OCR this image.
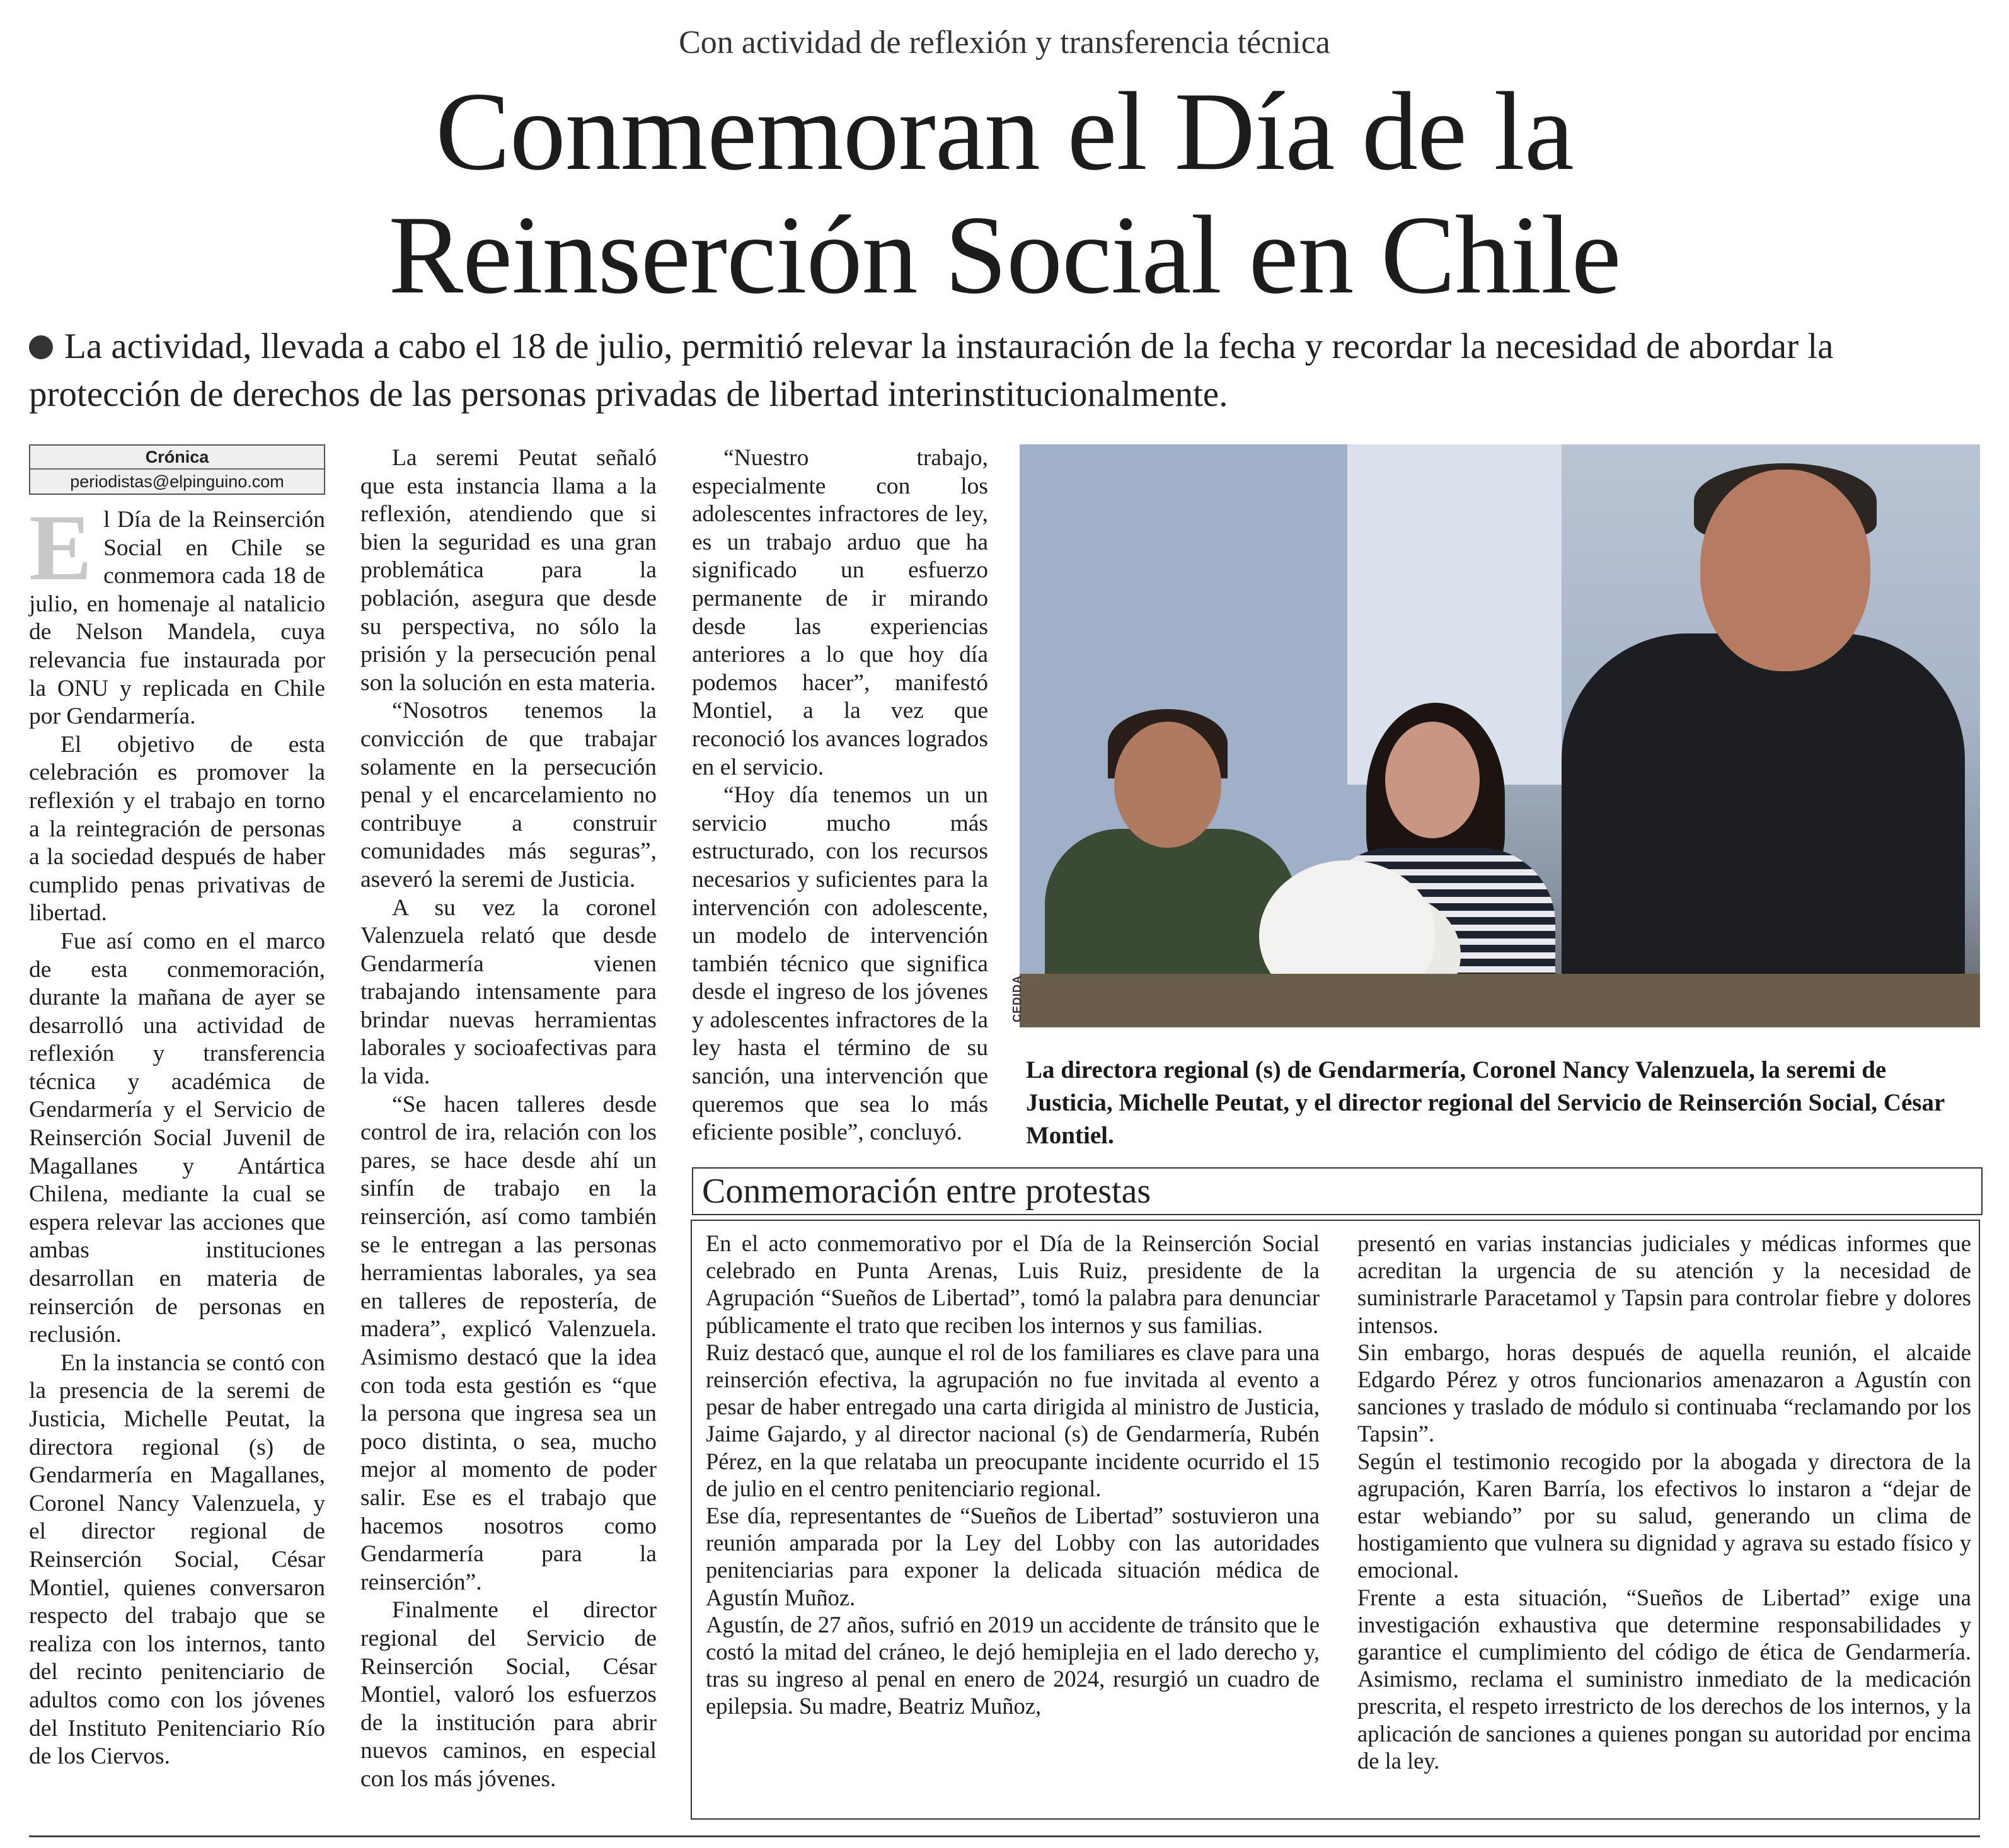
Con actividad de reflexión y transferencia técnica
Conmemoran el Día de la
Reinserción Social en Chile
La actividad, llevada a cabo el 18 de julio, permitió relevar la instauración de la fecha y recordar la necesidad de abordar la protección de derechos de las personas privadas de libertad interinstitucionalmente.
Crónica
periodistas@elpinguino.com
E l Día de la Reinserción Social en Chile se conmemora cada 18 de julio, en homenaje al natalicio de Nelson Mandela, cuya relevancia fue instaurada por la ONU y replicada en Chile por Gendarmería.

El objetivo de esta celebración es promover la reflexión y el trabajo en torno a la reintegración de personas a la sociedad después de haber cumplido penas privativas de libertad.

Fue así como en el marco de esta conmemoración, durante la mañana de ayer se desarrolló una actividad de reflexión y transferencia técnica y académica de Gendarmería y el Servicio de Reinserción Social Juvenil de Magallanes y Antártica Chilena, mediante la cual se espera relevar las acciones que ambas instituciones desarrollan en materia de reinserción de personas en reclusión.

En la instancia se contó con la presencia de la seremi de Justicia, Michelle Peutat, la directora regional (s) de Gendarmería en Magallanes, Coronel Nancy Valenzuela, y el director regional de Reinserción Social, César Montiel, quienes conversaron respecto del trabajo que se realiza con los internos, tanto del recinto penitenciario de adultos como con los jóvenes del Instituto Penitenciario Río de los Ciervos.

La seremi Peutat señaló que esta instancia llama a la reflexión, atendiendo que si bien la seguridad es una gran problemática para la población, asegura que desde su perspectiva, no sólo la prisión y la persecución penal son la solución en esta materia.

“Nosotros tenemos la convicción de que trabajar solamente en la persecución penal y el encarcelamiento no contribuye a construir comunidades más seguras”, aseveró la seremi de Justicia.

A su vez la coronel Valenzuela relató que desde Gendarmería vienen trabajando intensamente para brindar nuevas herramientas laborales y socioafectivas para la vida.

“Se hacen talleres desde control de ira, relación con los pares, se hace desde ahí un sinfín de trabajo en la reinserción, así como también se le entregan a las personas herramientas laborales, ya sea en talleres de repostería, de madera”, explicó Valenzuela. Asimismo destacó que la idea con toda esta gestión es “que la persona que ingresa sea un poco distinta, o sea, mucho mejor al momento de poder salir. Ese es el trabajo que hacemos nosotros como Gendarmería para la reinserción”.

Finalmente el director regional del Servicio de Reinserción Social, César Montiel, valoró los esfuerzos de la institución para abrir nuevos caminos, en especial con los más jóvenes.

“Nuestro trabajo, especialmente con los adolescentes infractores de ley, es un trabajo arduo que ha significado un esfuerzo permanente de ir mirando desde las experiencias anteriores a lo que hoy día podemos hacer”, manifestó Montiel, a la vez que reconoció los avances logrados en el servicio.

“Hoy día tenemos un un servicio mucho más estructurado, con los recursos necesarios y suficientes para la intervención con adolescente, un modelo de intervención también técnico que significa desde el ingreso de los jóvenes y adolescentes infractores de la ley hasta el término de su sanción, una intervención que queremos que sea lo más eficiente posible”, concluyó.

CEDIDA
La directora regional (s) de Gendarmería, Coronel Nancy Valenzuela, la seremi de Justicia, Michelle Peutat, y el director regional del Servicio de Reinserción Social, César Montiel.
Conmemoración entre protestas

En el acto conmemorativo por el Día de la Reinserción Social celebrado en Punta Arenas, Luis Ruiz, presidente de la Agrupación “Sueños de Libertad”, tomó la palabra para denunciar públicamente el trato que reciben los internos y sus familias.

Ruiz destacó que, aunque el rol de los familiares es clave para una reinserción efectiva, la agrupación no fue invitada al evento a pesar de haber entregado una carta dirigida al ministro de Justicia, Jaime Gajardo, y al director nacional (s) de Gendarmería, Rubén Pérez, en la que relataba un preocupante incidente ocurrido el 15 de julio en el centro penitenciario regional.

Ese día, representantes de “Sueños de Libertad” sostuvieron una reunión amparada por la Ley del Lobby con las autoridades penitenciarias para exponer la delicada situación médica de Agustín Muñoz.

Agustín, de 27 años, sufrió en 2019 un accidente de tránsito que le costó la mitad del cráneo, le dejó hemiplejia en el lado derecho y, tras su ingreso al penal en enero de 2024, resurgió un cuadro de epilepsia. Su madre, Beatriz Muñoz,

presentó en varias instancias judiciales y médicas informes que acreditan la urgencia de su atención y la necesidad de suministrarle Paracetamol y Tapsin para controlar fiebre y dolores intensos.

Sin embargo, horas después de aquella reunión, el alcaide Edgardo Pérez y otros funcionarios amenazaron a Agustín con sanciones y traslado de módulo si continuaba “reclamando por los Tapsin”.

Según el testimonio recogido por la abogada y directora de la agrupación, Karen Barría, los efectivos lo instaron a “dejar de estar webiando” por su salud, generando un clima de hostigamiento que vulnera su dignidad y agrava su estado físico y emocional.

Frente a esta situación, “Sueños de Libertad” exige una investigación exhaustiva que determine responsabilidades y garantice el cumplimiento del código de ética de Gendarmería. Asimismo, reclama el suministro inmediato de la medicación prescrita, el respeto irrestricto de los derechos de los internos, y la aplicación de sanciones a quienes pongan su autoridad por encima de la ley.
